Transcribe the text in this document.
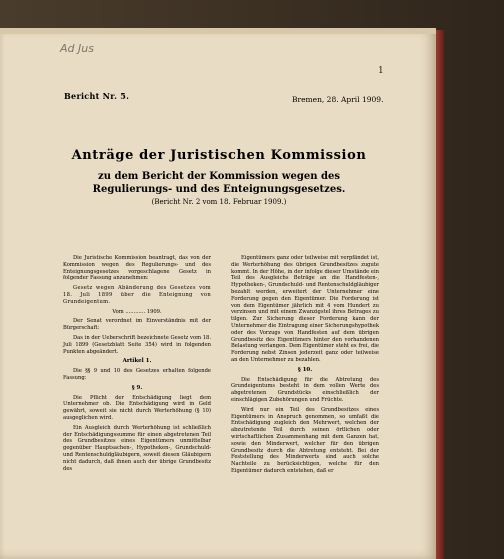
Ad Jus
1
Bericht Nr. 5.	Bremen, 28. April 1909.
Anträge der Juristischen Kommission
zu dem Bericht der Kommission wegen des Regulierungs- und des Enteignungsgesetzes.
(Bericht Nr. 2 vom 18. Februar 1909.)

Die Juristische Kommission beantragt, das von der Kommission wegen des Regulierungs- und des Enteignungsgesetzes vorgeschlagene Gesetz in folgender Fassung anzunehmen:

Gesetz wegen Abänderung des Gesetzes vom 18. Juli 1899 über die Enteignung von Grundeigentum.

Vom ............ 1909.

Der Senat verordnet im Einverständnis mit der Bürgerschaft:

Das in der Ueberschrift bezeichnete Gesetz vom 18. Juli 1899 (Gesetzblatt Seite 354) wird in folgenden Punkten abgeändert.

Artikel 1.

Die §§ 9 und 10 des Gesetzes erhalten folgende Fassung:

§ 9.

Die Pflicht der Entschädigung liegt dem Unternehmer ob. Die Entschädigung wird in Geld gewährt, soweit sie nicht durch Werterhöhung (§ 10) ausgeglichen wird.

Ein Ausgleich durch Werterhöhung ist schließlich der Entschädigungssumme für einen abgetretenen Teil des Grundbesitzes eines Eigentümers unmittelbar gegenüber Hauptsachen-, Hypotheken-, Grundschuld- und Rentenschuldgläubigern, soweit diesen Gläubigern nicht dadurch, daß ihnen auch der übrige Grundbesitz des

Eigentümers ganz oder teilweise mit verpfändet ist, die Werterhöhung des übrigen Grundbesitzes zugute kommt. In der Höhe, in der infolge dieser Umstände ein Teil des Ausgleichs Beträge an die Handfesten-, Hypotheken-, Grundschuld- und Rentenschuldgläubiger bezahlt werden, erweitert der Unternehmer eine Forderung gegen den Eigentümer. Die Forderung ist von dem Eigentümer jährlich mit 4 vom Hundert zu verzinsen und mit einem Zwanzigstel ihres Betrages zu tilgen. Zur Sicherung dieser Forderung kann der Unternehmer die Eintragung einer Sicherungshypothek oder des Vorzugs von Handfesten auf dem übrigen Grundbesitz des Eigentümers hinter den vorhandenen Belastung verlangen. Dem Eigentümer steht es frei, die Forderung nebst Zinsen jederzeit ganz oder teilweise an den Unternehmer zu bezahlen.

§ 10.

Die Entschädigung für die Abtretung des Grundeigentums besteht in dem vollen Werte des abgetretenen Grundstücks einschließlich der einschlägigen Zubehörungen und Früchte.

Wird nur ein Teil des Grundbesitzes eines Eigentümers in Anspruch genommen, so umfaßt die Entschädigung zugleich den Mehrwert, welchen der abzutretende Teil durch seinen örtlichen oder wirtschaftlichen Zusammenhang mit dem Ganzen hat, sowie den Minderwert, welcher für den übrigen Grundbesitz durch die Abtretung entsteht. Bei der Feststellung des Minderwerts sind auch solche Nachteile zu berücksichtigen, welche für den Eigentümer dadurch entstehen, daß er
